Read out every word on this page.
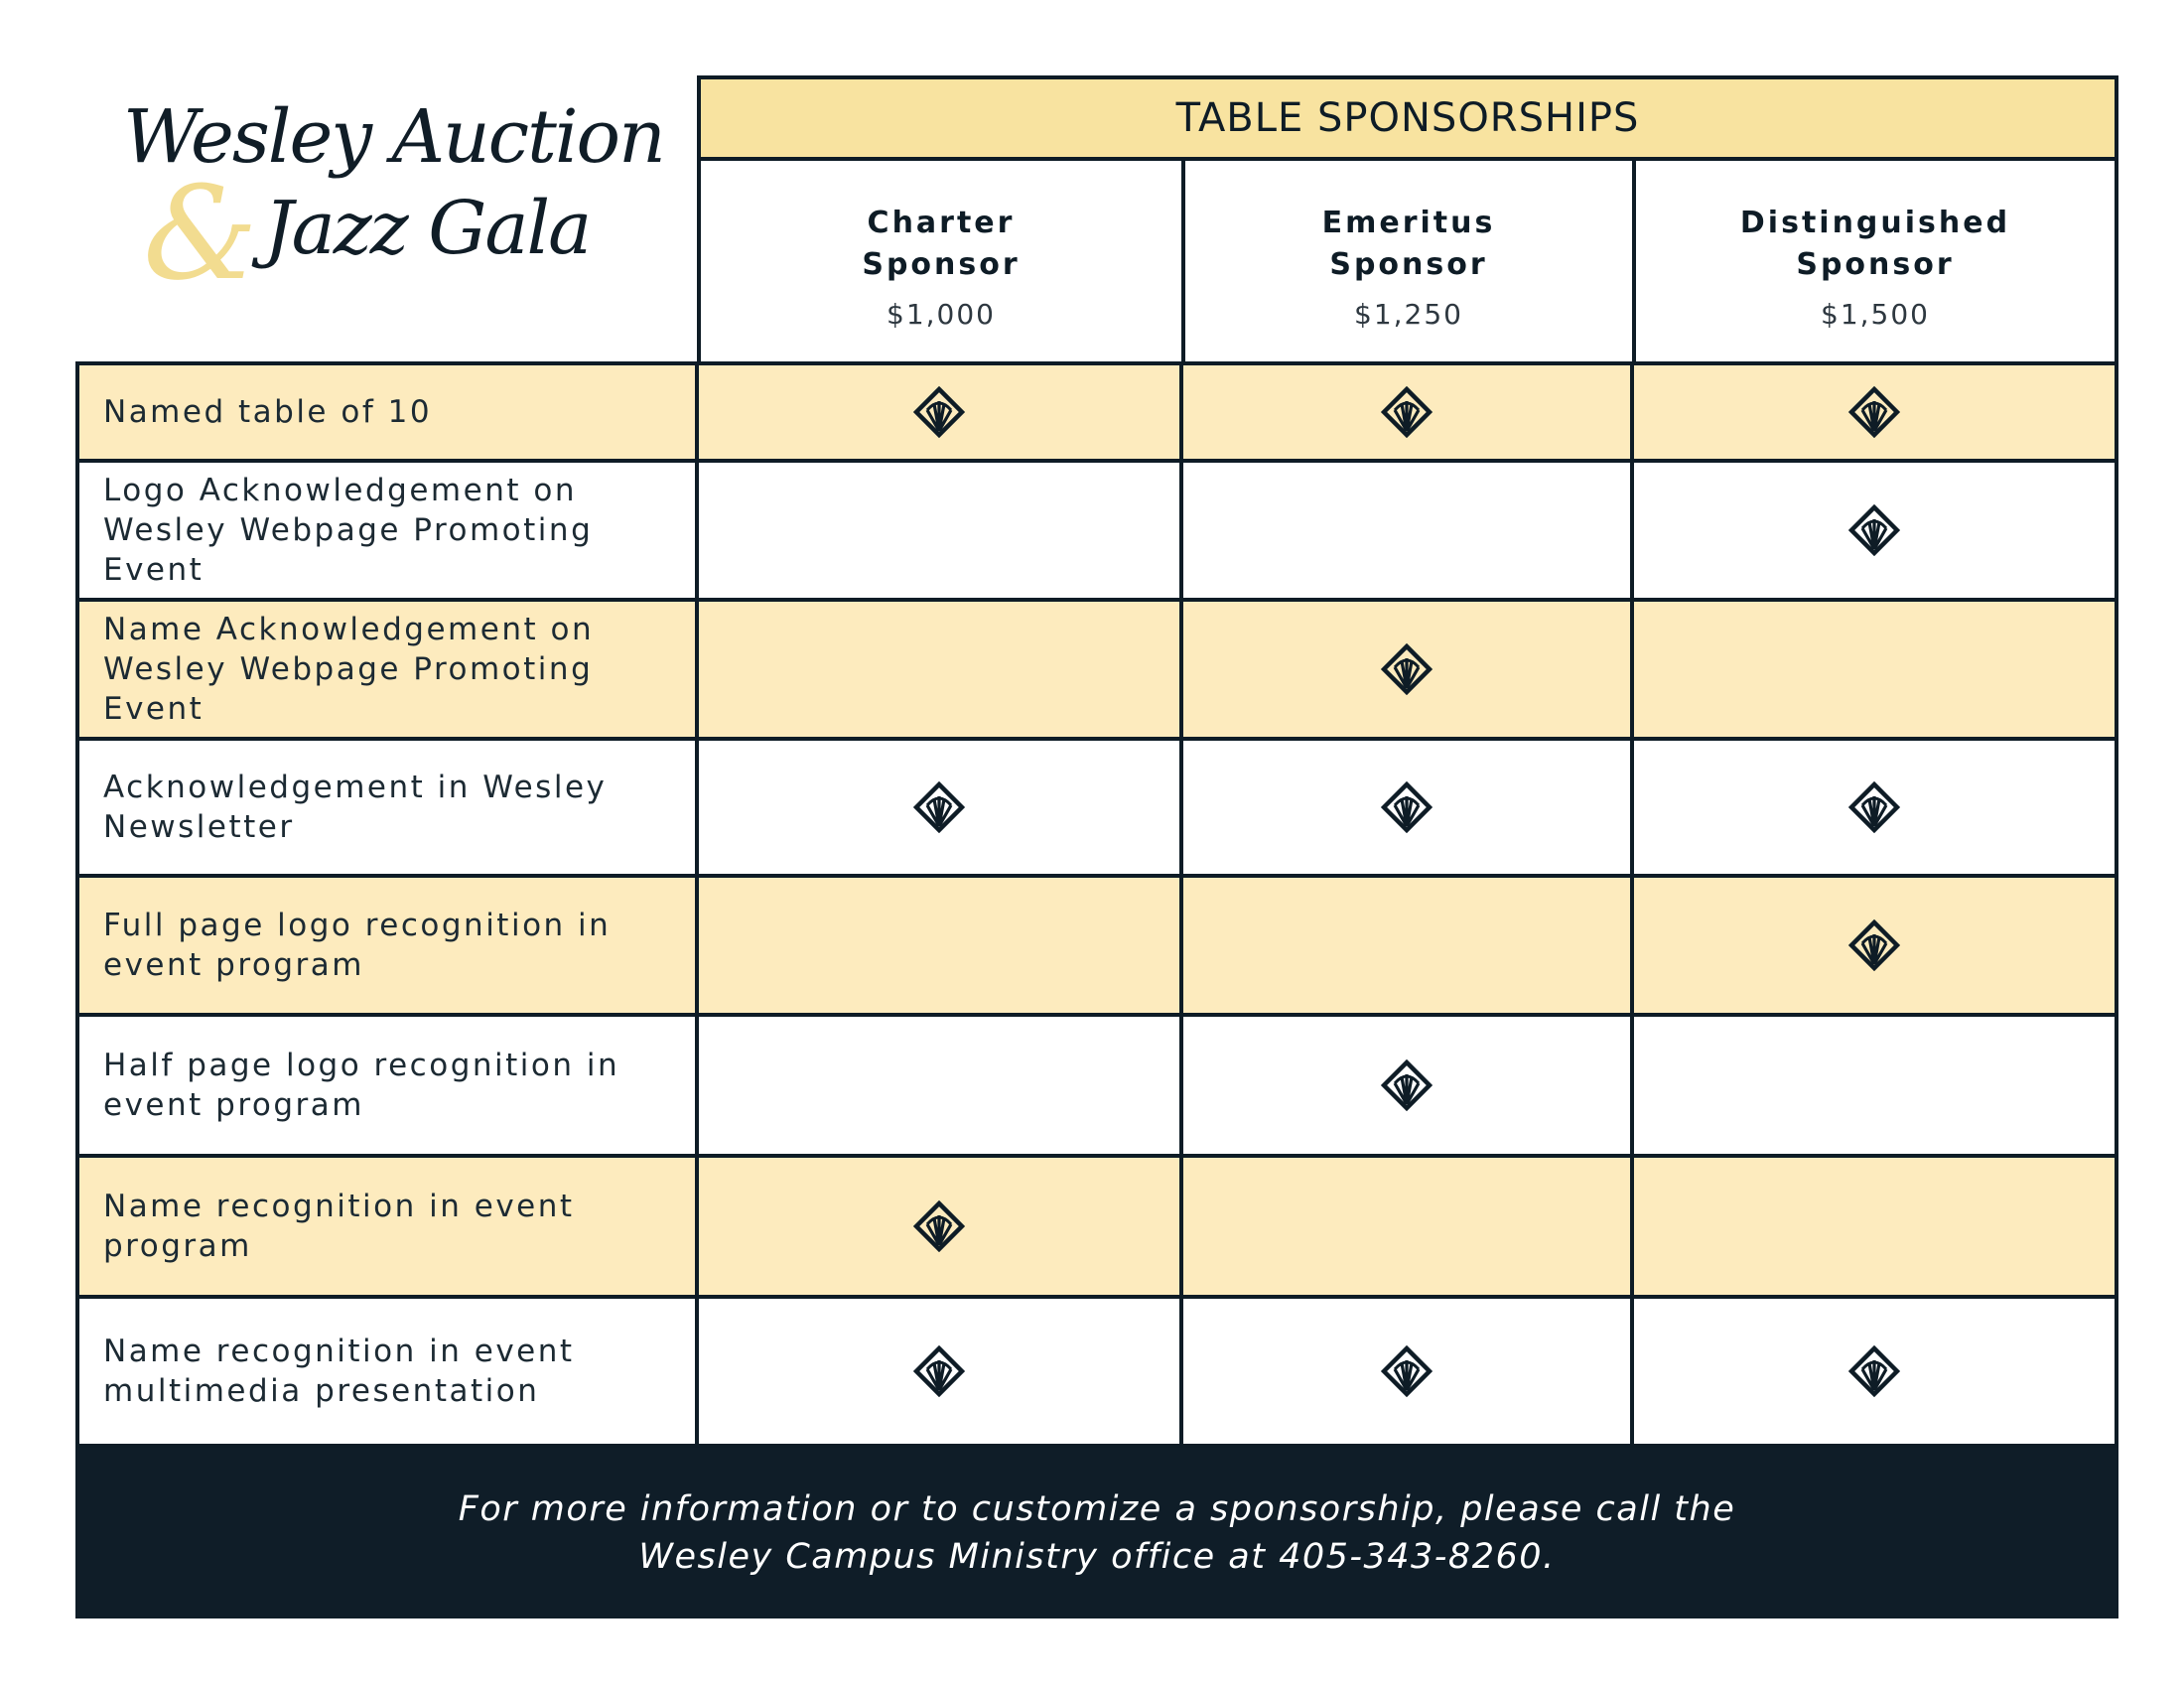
Wesley Auction
& Jazz Gala
TABLE SPONSORSHIPS
Charter
Sponsor
$1,000
Emeritus
Sponsor
$1,250
Distinguished
Sponsor
$1,500
Named table of 10
Logo Acknowledgement on Wesley Webpage Promoting Event
Name Acknowledgement on Wesley Webpage Promoting Event
Acknowledgement in Wesley Newsletter
Full page logo recognition in event program
Half page logo recognition in event program
Name recognition in event program
Name recognition in event multimedia presentation
For more information or to customize a sponsorship, please call the
Wesley Campus Ministry office at 405-343-8260.
